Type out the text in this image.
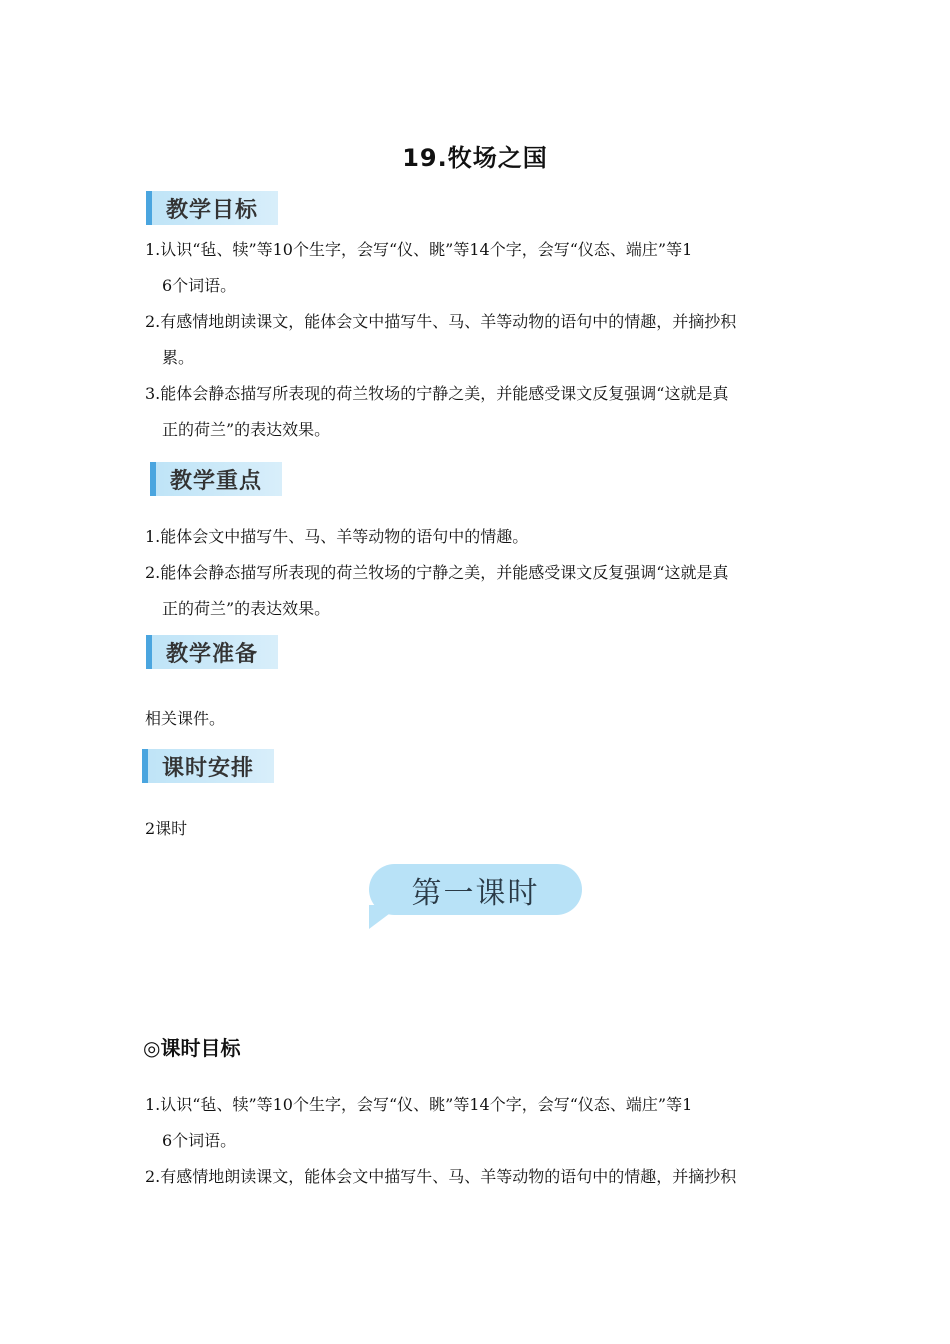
19.牧场之国
教学目标
1.认识“毡、犊”等10个生字，会写“仪、眺”等14个字，会写“仪态、端庄”等1
6个词语。
2.有感情地朗读课文，能体会文中描写牛、马、羊等动物的语句中的情趣，并摘抄积
累。
3.能体会静态描写所表现的荷兰牧场的宁静之美，并能感受课文反复强调“这就是真
正的荷兰”的表达效果。
教学重点
1.能体会文中描写牛、马、羊等动物的语句中的情趣。
2.能体会静态描写所表现的荷兰牧场的宁静之美，并能感受课文反复强调“这就是真
正的荷兰”的表达效果。
教学准备
相关课件。
课时安排
2课时
第一课时
◎课时目标
1.认识“毡、犊”等10个生字，会写“仪、眺”等14个字，会写“仪态、端庄”等1
6个词语。
2.有感情地朗读课文，能体会文中描写牛、马、羊等动物的语句中的情趣，并摘抄积
